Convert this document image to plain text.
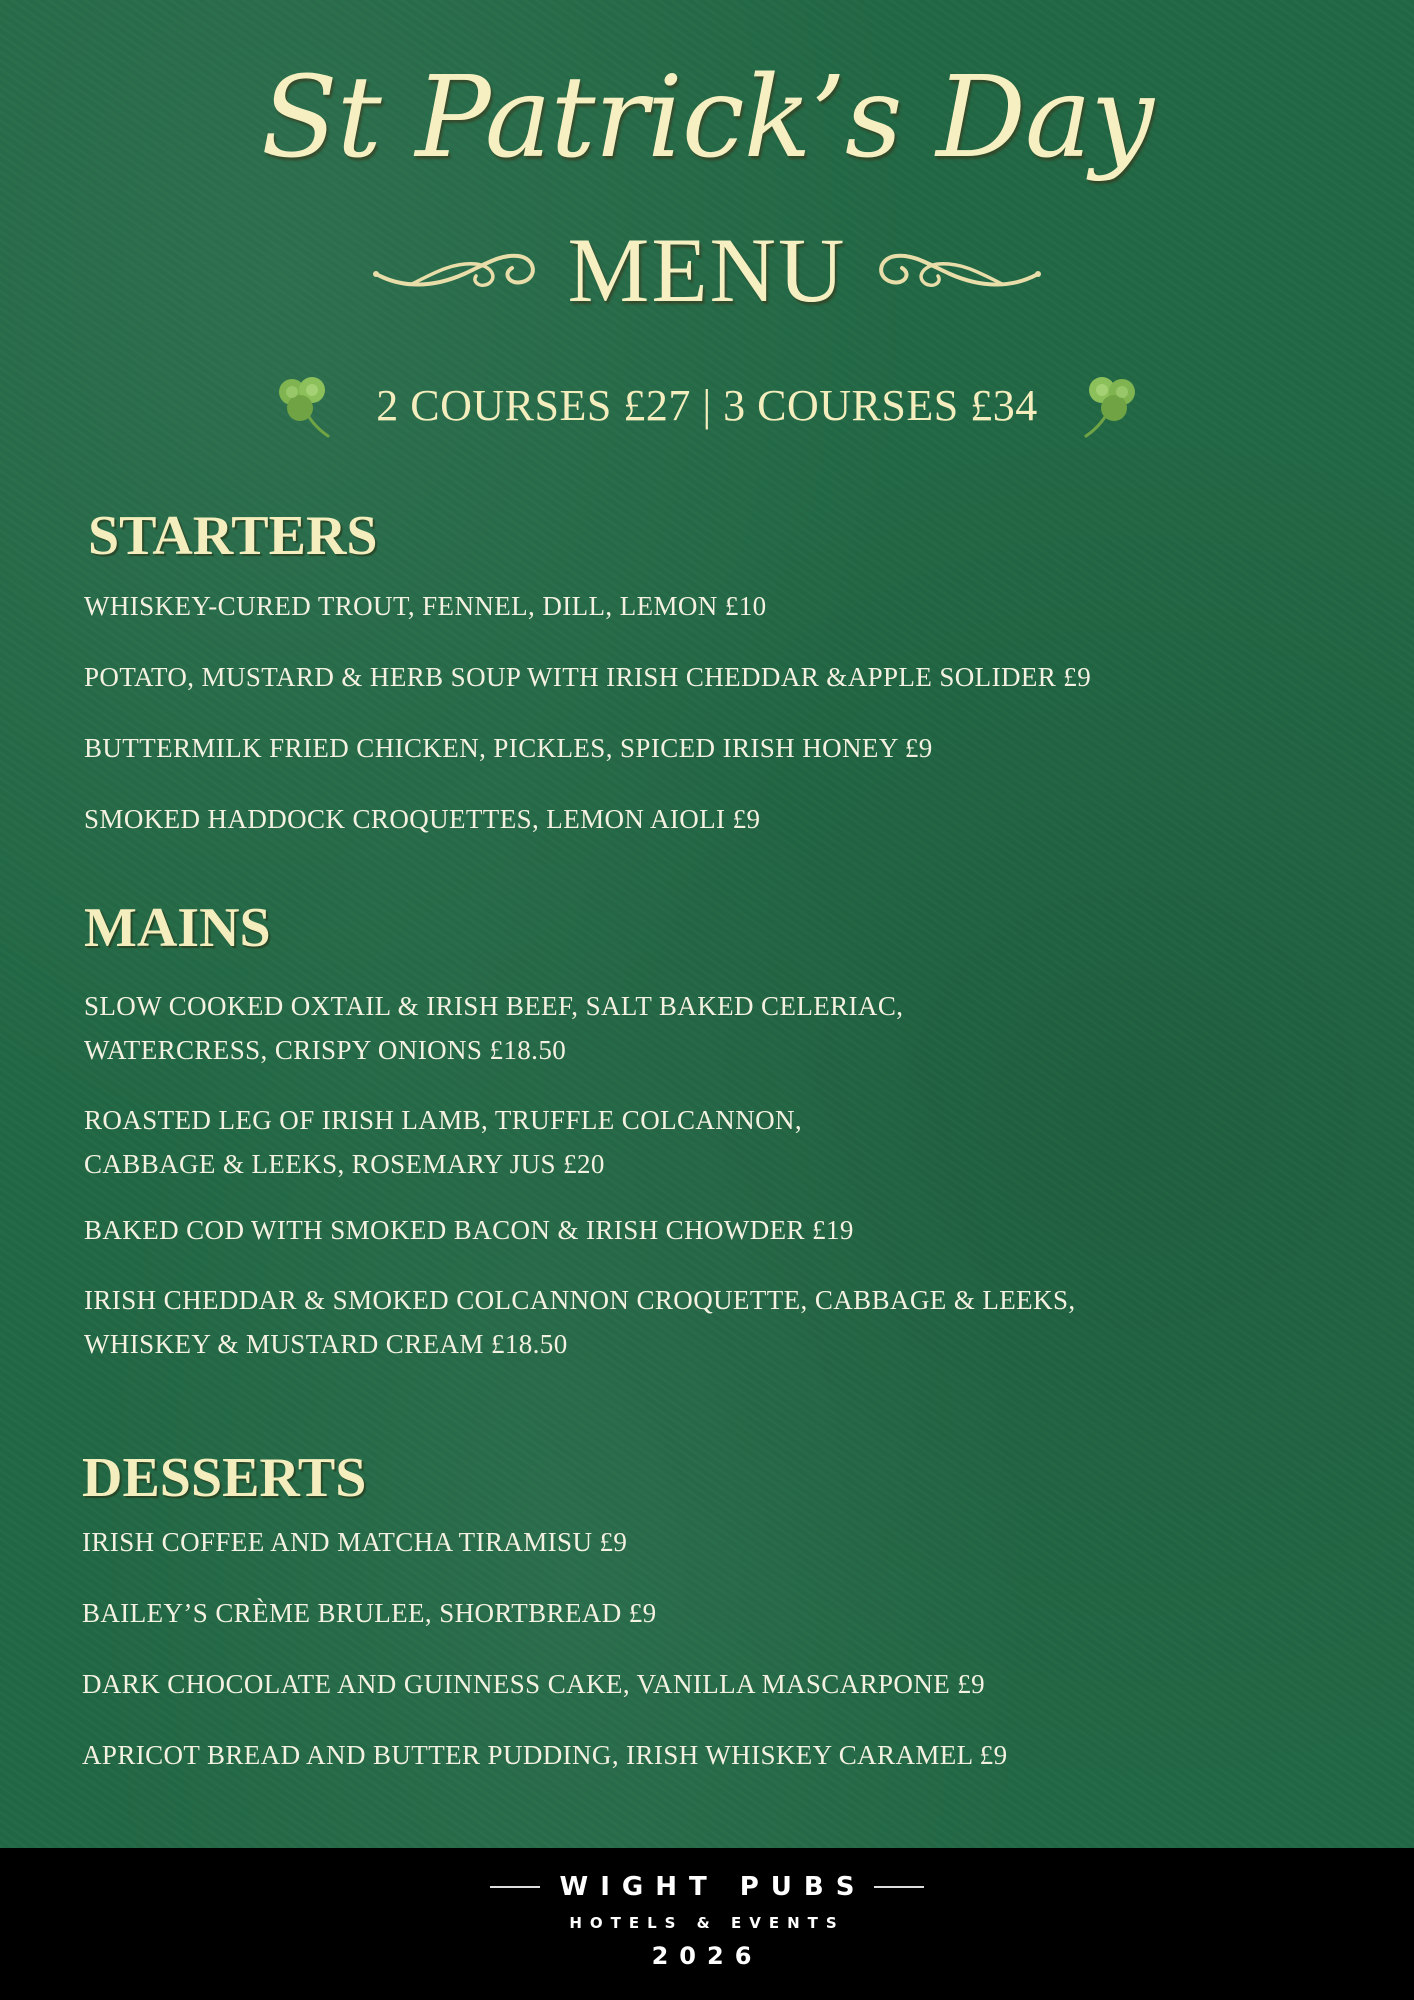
St Patrick’s Day
MENU
2 COURSES £27 | 3 COURSES £34
STARTERS
WHISKEY-CURED TROUT, FENNEL, DILL, LEMON £10
POTATO, MUSTARD & HERB SOUP WITH IRISH CHEDDAR &APPLE SOLIDER £9
BUTTERMILK FRIED CHICKEN, PICKLES, SPICED IRISH HONEY £9
SMOKED HADDOCK CROQUETTES, LEMON AIOLI £9
MAINS
SLOW COOKED OXTAIL & IRISH BEEF, SALT BAKED CELERIAC,
WATERCRESS, CRISPY ONIONS £18.50
ROASTED LEG OF IRISH LAMB, TRUFFLE COLCANNON,
CABBAGE & LEEKS, ROSEMARY JUS £20
BAKED COD WITH SMOKED BACON & IRISH CHOWDER £19
IRISH CHEDDAR & SMOKED COLCANNON CROQUETTE, CABBAGE & LEEKS,
WHISKEY & MUSTARD CREAM £18.50
DESSERTS
IRISH COFFEE AND MATCHA TIRAMISU £9
BAILEY’S CRÈME BRULEE, SHORTBREAD £9
DARK CHOCOLATE AND GUINNESS CAKE, VANILLA MASCARPONE £9
APRICOT BREAD AND BUTTER PUDDING, IRISH WHISKEY CARAMEL £9
WIGHT PUBS
HOTELS & EVENTS
2026
